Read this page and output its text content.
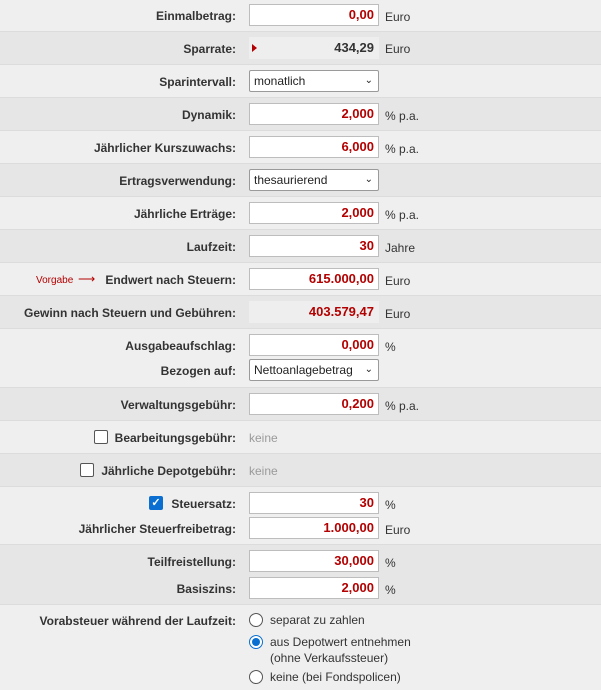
Einmalbetrag:	0,00 Euro
Sparrate:	434,29 Euro
Sparintervall:	monatlich	⌄
Dynamik:	2,000 % p.a.
Jährlicher Kurszuwachs:	6,000 % p.a.
Ertragsverwendung:	thesaurierend	⌄
Jährliche Erträge:	2,000 % p.a.
Laufzeit:	30 Jahre
Vorgabe ⟶ Endwert nach Steuern:	615.000,00 Euro
Gewinn nach Steuern und Gebühren:	403.579,47 Euro
Ausgabeaufschlag:	0,000 %
Bezogen auf:	Nettoanlagebetrag ⌄
Verwaltungsgebühr:	0,200 % p.a.
Bearbeitungsgebühr: keine
Jährliche Depotgebühr: keine
✓ Steuersatz:	30 %
Jährlicher Steuerfreibetrag:	1.000,00 Euro
Teilfreistellung:	30,000 %
Basiszins:	2,000 %
Vorabsteuer während der Laufzeit:	separat zu zahlen
aus Depotwert entnehmen
(ohne Verkaufssteuer)
keine (bei Fondspolicen)
